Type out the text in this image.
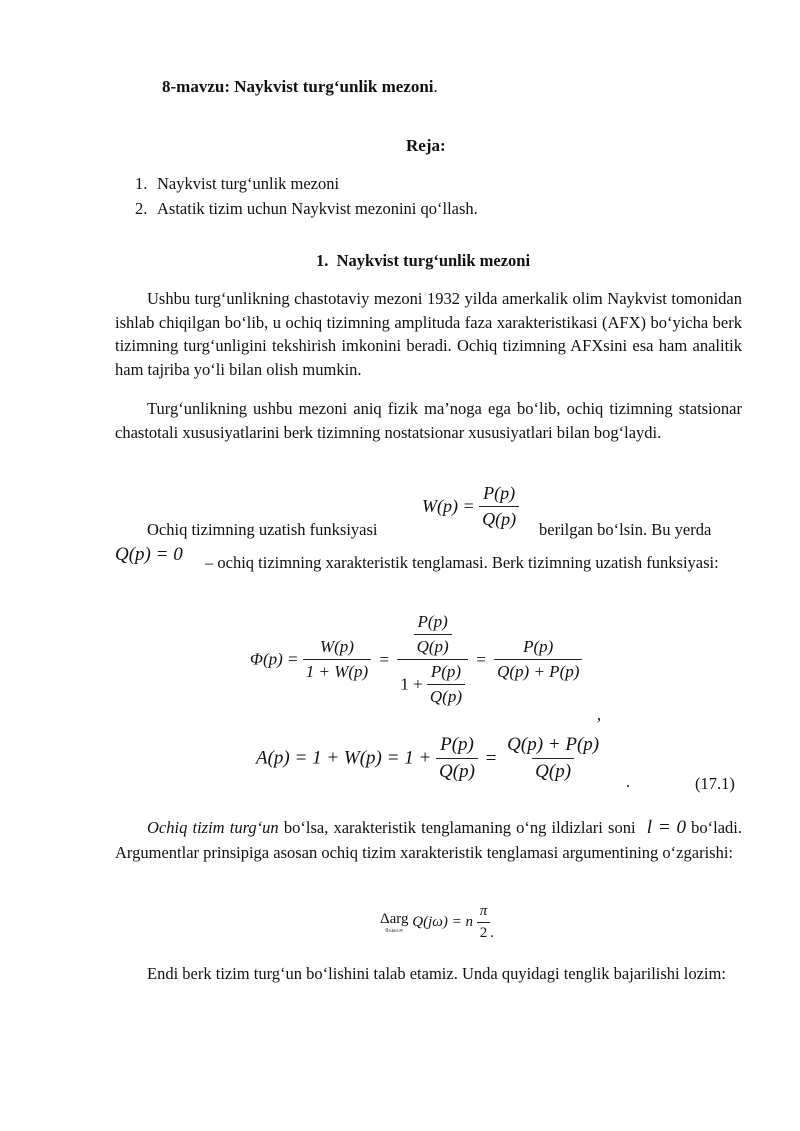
8-mavzu: Naykvist turg‘unlik mezoni.
Reja:
1. Naykvist turg‘unlik mezoni
2. Astatik tizim uchun Naykvist mezonini qo‘llash.
1.  Naykvist turg‘unlik mezoni
Ushbu turg‘unlikning chastotaviy mezoni 1932 yilda amerkalik olim Naykvist tomonidan ishlab chiqilgan bo‘lib, u ochiq tizimning amplituda faza xarakteristikasi (AFX) bo‘yicha berk tizimning turg‘unligini tekshirish imkonini beradi. Ochiq tizimning AFXsini esa ham analitik ham tajriba yo‘li bilan olish mumkin.
Turg‘unlikning ushbu mezoni aniq fizik ma’noga ega bo‘lib, ochiq tizimning statsionar chastotali xususiyatlarini berk tizimning nostatsionar xususiyatlari bilan bog‘laydi.
$W(p) = \frac{P(p)}{Q(p)}$
Ochiq tizimning uzatish funksiyasi	berilgan bo‘lsin. Bu yerda
Q(p) = 0	– ochiq tizimning xarakteristik tenglamasi. Berk tizimning uzatish funksiyasi:
$\Phi(p) = \frac{W(p)}{1 + W(p)} = \frac{\frac{P(p)}{Q(p)}}{1 + \frac{P(p)}{Q(p)}} = \frac{P(p)}{Q(p) + P(p)}$
,
$A(p) = 1 + W(p) = 1 + \frac{P(p)}{Q(p)} = \frac{Q(p) + P(p)}{Q(p)}$ .	(17.1)
Ochiq tizim turg‘un bo‘lsa, xarakteristik tenglamaning o‘ng ildizlari soni l = 0 bo‘ladi. Argumentlar prinsipiga asosan ochiq tizim xarakteristik tenglamasi argumentining o‘zgarishi:
Δarg
0≤ω≤∞
Q(jω) = n $\frac{\pi}{2}$ .
Endi berk tizim turg‘un bo‘lishini talab etamiz. Unda quyidagi tenglik bajarilishi lozim:
